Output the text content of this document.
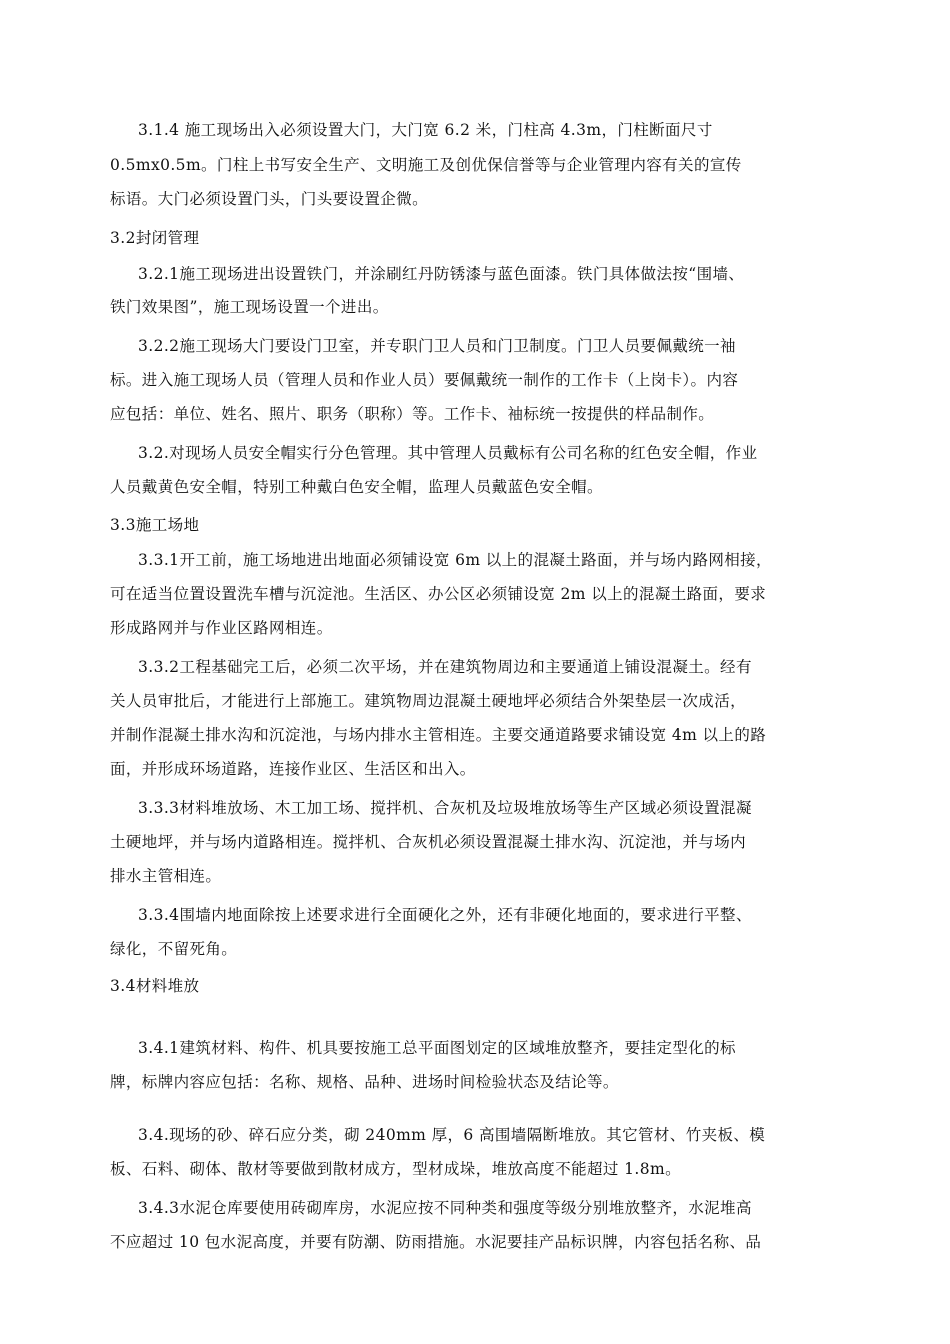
3.1.4 施工现场出入必须设置大门，大门宽 6.2 米，门柱高 4.3m，门柱断面尺寸
0.5mx0.5m。门柱上书写安全生产、文明施工及创优保信誉等与企业管理内容有关的宣传
标语。大门必须设置门头，门头要设置企微。
3.2封闭管理
3.2.1施工现场进出设置铁门，并涂刷红丹防锈漆与蓝色面漆。铁门具体做法按“围墙、
铁门效果图”，施工现场设置一个进出。
3.2.2施工现场大门要设门卫室，并专职门卫人员和门卫制度。门卫人员要佩戴统一袖
标。进入施工现场人员（管理人员和作业人员）要佩戴统一制作的工作卡（上岗卡）。内容
应包括：单位、姓名、照片、职务（职称）等。工作卡、袖标统一按提供的样品制作。
3.2.对现场人员安全帽实行分色管理。其中管理人员戴标有公司名称的红色安全帽，作业
人员戴黄色安全帽，特别工种戴白色安全帽，监理人员戴蓝色安全帽。
3.3施工场地
3.3.1开工前，施工场地进出地面必须铺设宽 6m 以上的混凝土路面，并与场内路网相接，
可在适当位置设置洗车槽与沉淀池。生活区、办公区必须铺设宽 2m 以上的混凝土路面，要求
形成路网并与作业区路网相连。
3.3.2工程基础完工后，必须二次平场，并在建筑物周边和主要通道上铺设混凝土。经有
关人员审批后，才能进行上部施工。建筑物周边混凝土硬地坪必须结合外架垫层一次成活，
并制作混凝土排水沟和沉淀池，与场内排水主管相连。主要交通道路要求铺设宽 4m 以上的路
面，并形成环场道路，连接作业区、生活区和出入。
3.3.3材料堆放场、木工加工场、搅拌机、合灰机及垃圾堆放场等生产区域必须设置混凝
土硬地坪，并与场内道路相连。搅拌机、合灰机必须设置混凝土排水沟、沉淀池，并与场内
排水主管相连。
3.3.4围墙内地面除按上述要求进行全面硬化之外，还有非硬化地面的，要求进行平整、
绿化，不留死角。
3.4材料堆放
3.4.1建筑材料、构件、机具要按施工总平面图划定的区域堆放整齐，要挂定型化的标
牌，标牌内容应包括：名称、规格、品种、进场时间检验状态及结论等。
3.4.现场的砂、碎石应分类，砌 240mm 厚，6 高围墙隔断堆放。其它管材、竹夹板、模
板、石料、砌体、散材等要做到散材成方，型材成垛，堆放高度不能超过 1.8m。
3.4.3水泥仓库要使用砖砌库房，水泥应按不同种类和强度等级分别堆放整齐，水泥堆高
不应超过 10 包水泥高度，并要有防潮、防雨措施。水泥要挂产品标识牌，内容包括名称、品
